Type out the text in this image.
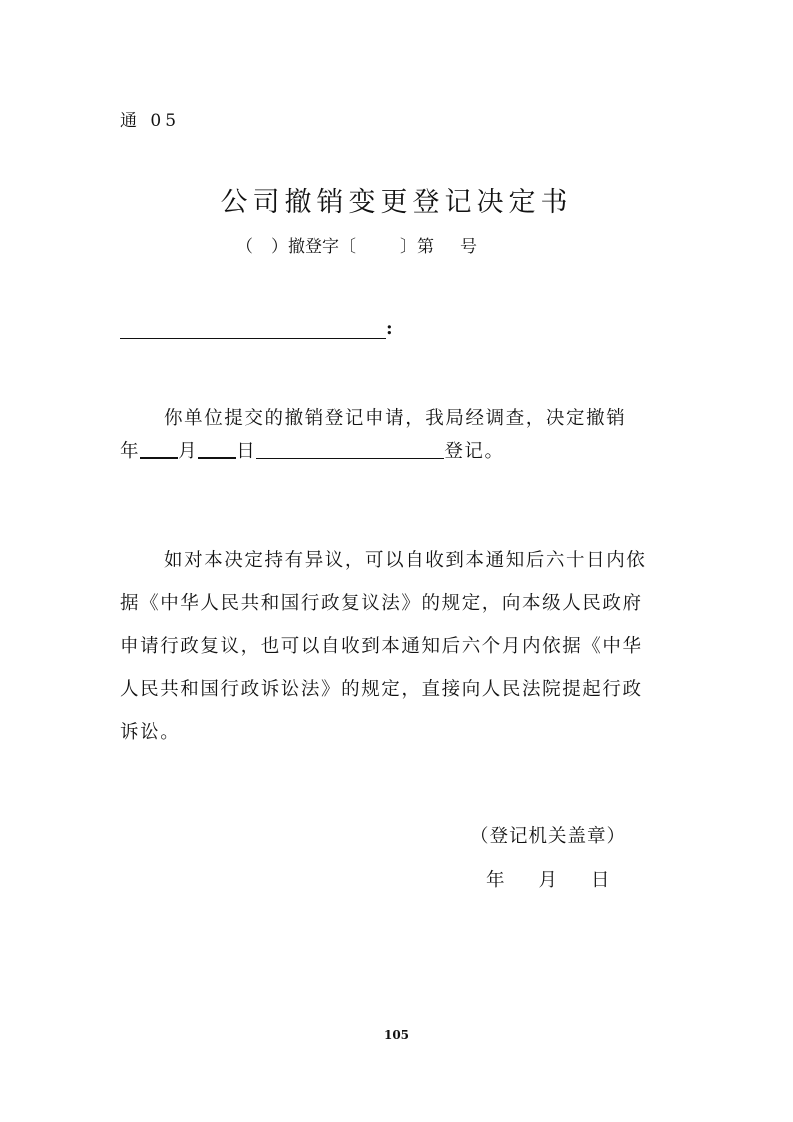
通 05
公司撤销变更登记决定书
（ ）撤登字〔	〕第 号
:
你单位提交的撤销登记申请，我局经调查，决定撤销
年 月 日	登记。
如对本决定持有异议，可以自收到本通知后六十日内依
据《中华人民共和国行政复议法》的规定，向本级人民政府
申请行政复议，也可以自收到本通知后六个月内依据《中华
人民共和国行政诉讼法》的规定，直接向人民法院提起行政
诉讼。
（登记机关盖章）
年 月 日
105
